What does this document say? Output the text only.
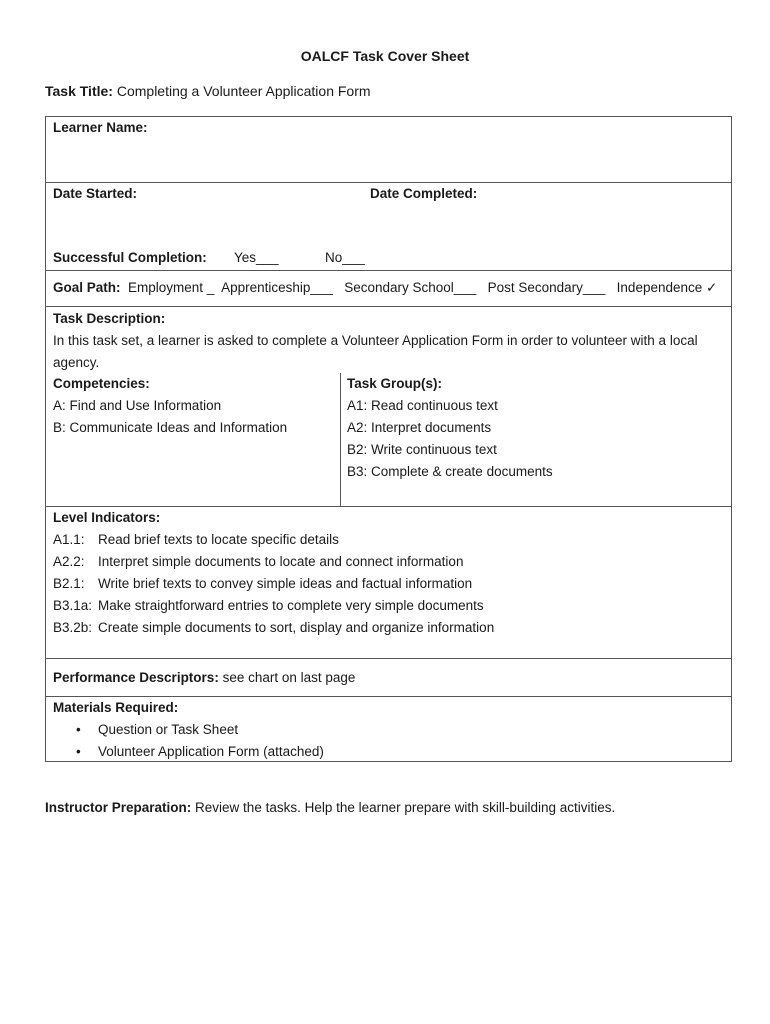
OALCF Task Cover Sheet
Task Title: Completing a Volunteer Application Form
Learner Name:
Date Started:	Date Completed:
Successful Completion: Yes___	No___
Goal Path: Employment _ Apprenticeship___ Secondary School___ Post Secondary___ Independence ✓
Task Description:
In this task set, a learner is asked to complete a Volunteer Application Form in order to volunteer with a local agency.
Competencies:
A: Find and Use Information
B: Communicate Ideas and Information
Task Group(s):
A1: Read continuous text
A2: Interpret documents
B2: Write continuous text
B3: Complete & create documents
Level Indicators:
A1.1: Read brief texts to locate specific details
A2.2: Interpret simple documents to locate and connect information
B2.1: Write brief texts to convey simple ideas and factual information
B3.1a: Make straightforward entries to complete very simple documents
B3.2b: Create simple documents to sort, display and organize information
Performance Descriptors: see chart on last page
Materials Required:
• Question or Task Sheet
• Volunteer Application Form (attached)
Instructor Preparation: Review the tasks. Help the learner prepare with skill-building activities.
